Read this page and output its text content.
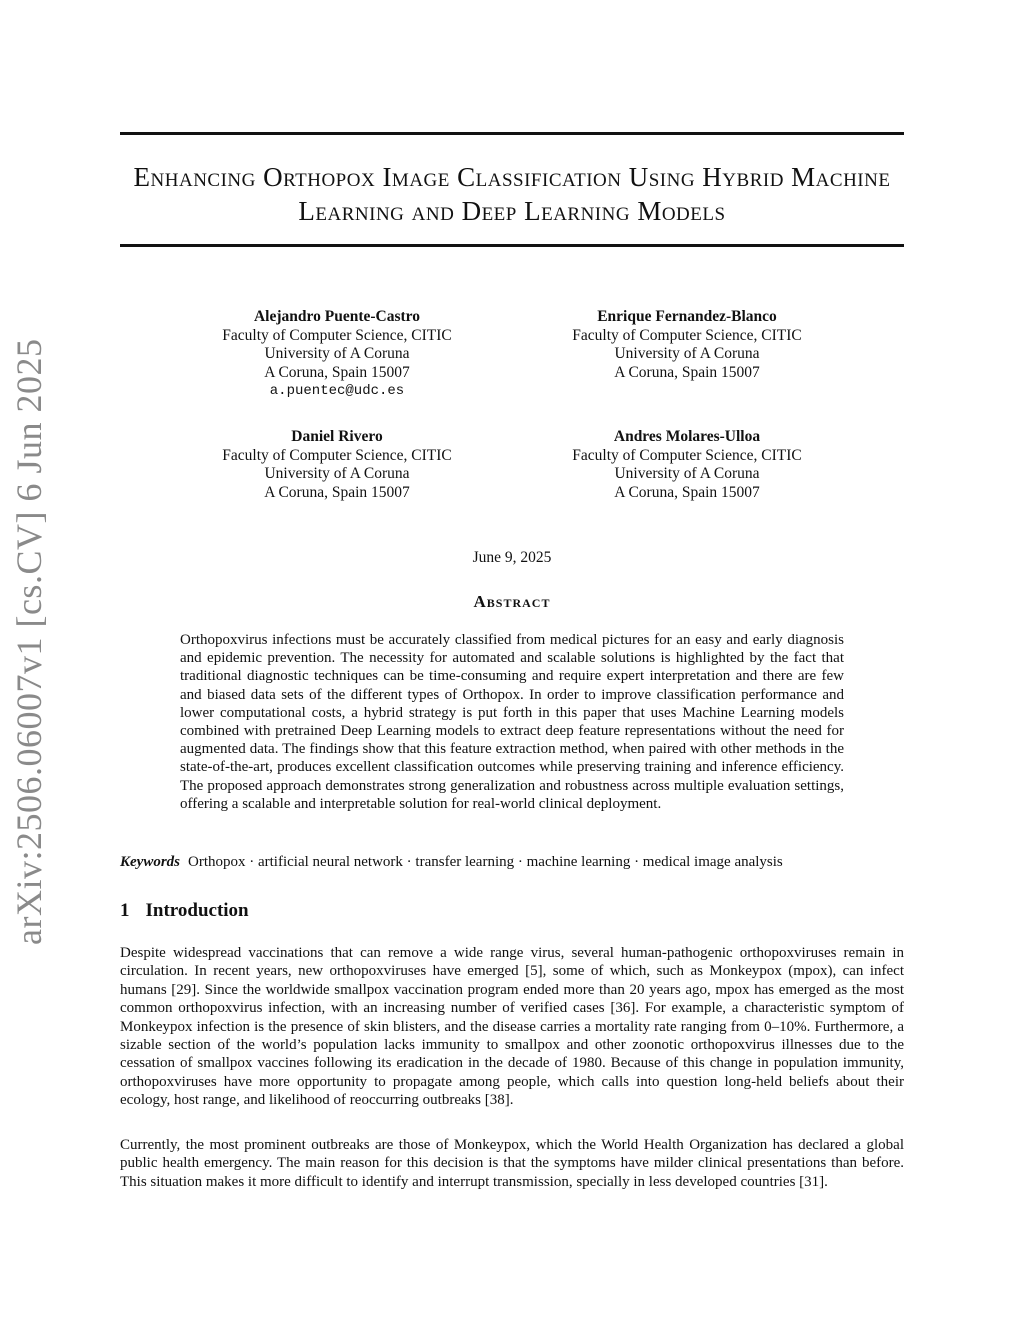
arXiv:2506.06007v1 [cs.CV] 6 Jun 2025
Enhancing Orthopox Image Classification Using Hybrid Machine Learning and Deep Learning Models
Alejandro Puente-Castro
Faculty of Computer Science, CITIC
University of A Coruna
A Coruna, Spain 15007
a.puentec@udc.es
Enrique Fernandez-Blanco
Faculty of Computer Science, CITIC
University of A Coruna
A Coruna, Spain 15007
Daniel Rivero
Faculty of Computer Science, CITIC
University of A Coruna
A Coruna, Spain 15007
Andres Molares-Ulloa
Faculty of Computer Science, CITIC
University of A Coruna
A Coruna, Spain 15007
June 9, 2025
Abstract

Orthopoxvirus infections must be accurately classified from medical pictures for an easy and early diagnosis and epidemic prevention. The necessity for automated and scalable solutions is highlighted by the fact that traditional diagnostic techniques can be time-consuming and require expert interpretation and there are few and biased data sets of the different types of Orthopox. In order to improve classification performance and lower computational costs, a hybrid strategy is put forth in this paper that uses Machine Learning models combined with pretrained Deep Learning models to extract deep feature representations without the need for augmented data. The findings show that this feature extraction method, when paired with other methods in the state-of-the-art, produces excellent classification outcomes while preserving training and inference efficiency. The proposed approach demonstrates strong generalization and robustness across multiple evaluation settings, offering a scalable and interpretable solution for real-world clinical deployment.

Keywords Orthopox · artificial neural network · transfer learning · machine learning · medical image analysis
1 Introduction

Despite widespread vaccinations that can remove a wide range virus, several human-pathogenic orthopoxviruses remain in circulation. In recent years, new orthopoxviruses have emerged [5], some of which, such as Monkeypox (mpox), can infect humans [29]. Since the worldwide smallpox vaccination program ended more than 20 years ago, mpox has emerged as the most common orthopoxvirus infection, with an increasing number of verified cases [36]. For example, a characteristic symptom of Monkeypox infection is the presence of skin blisters, and the disease carries a mortality rate ranging from 0–10%. Furthermore, a sizable section of the world’s population lacks immunity to smallpox and other zoonotic orthopoxvirus illnesses due to the cessation of smallpox vaccines following its eradication in the decade of 1980. Because of this change in population immunity, orthopoxviruses have more opportunity to propagate among people, which calls into question long-held beliefs about their ecology, host range, and likelihood of reoccurring outbreaks [38].

Currently, the most prominent outbreaks are those of Monkeypox, which the World Health Organization has declared a global public health emergency. The main reason for this decision is that the symptoms have milder clinical presentations than before. This situation makes it more difficult to identify and interrupt transmission, specially in less developed countries [31].
